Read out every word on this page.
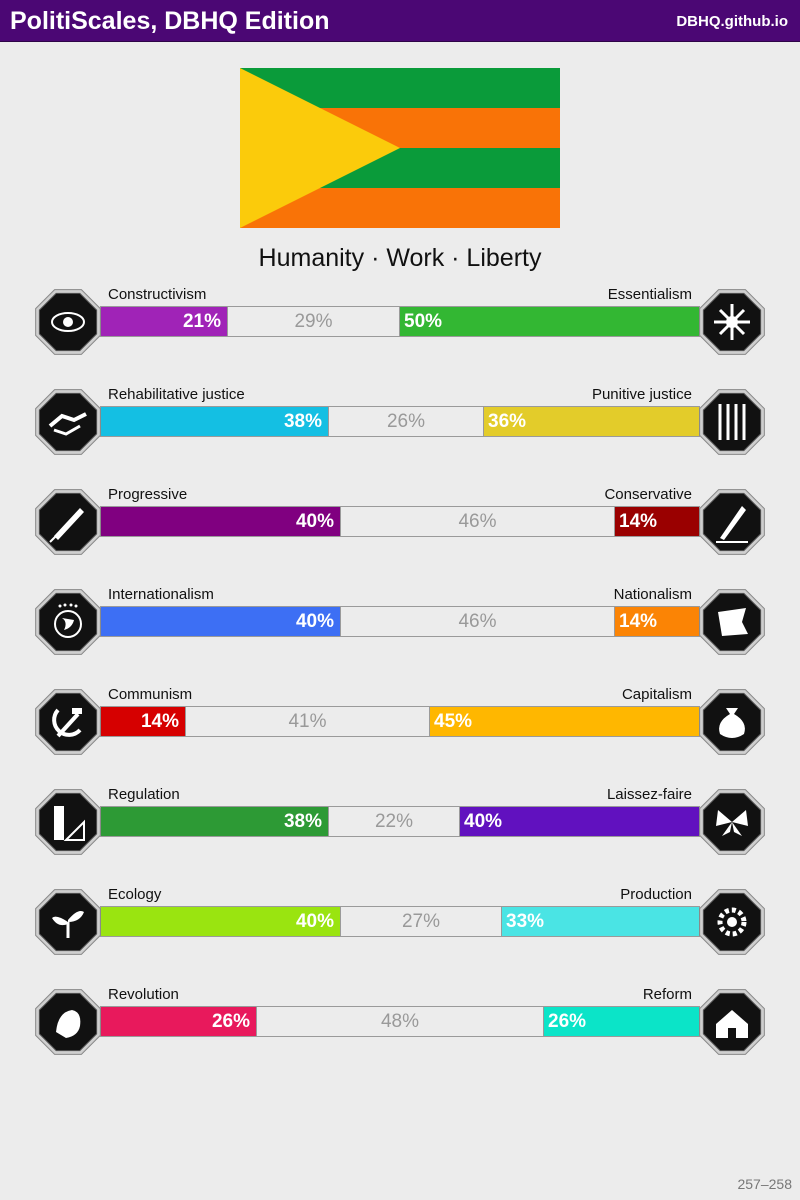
PolitiScales, DBHQ Edition	DBHQ.github.io
Humanity · Work · Liberty
Constructivism	Essentialism
21%	29%	50%
Rehabilitative justice	Punitive justice
38%	26%	36%
Progressive	Conservative
40%	46%	14%
Internationalism	Nationalism
40%	46%	14%
Communism	Capitalism
14%	41%	45%
Regulation	Laissez-faire
38%	22%	40%
Ecology	Production
40%	27%	33%
Revolution	Reform
26%	48%	26%
257–258
